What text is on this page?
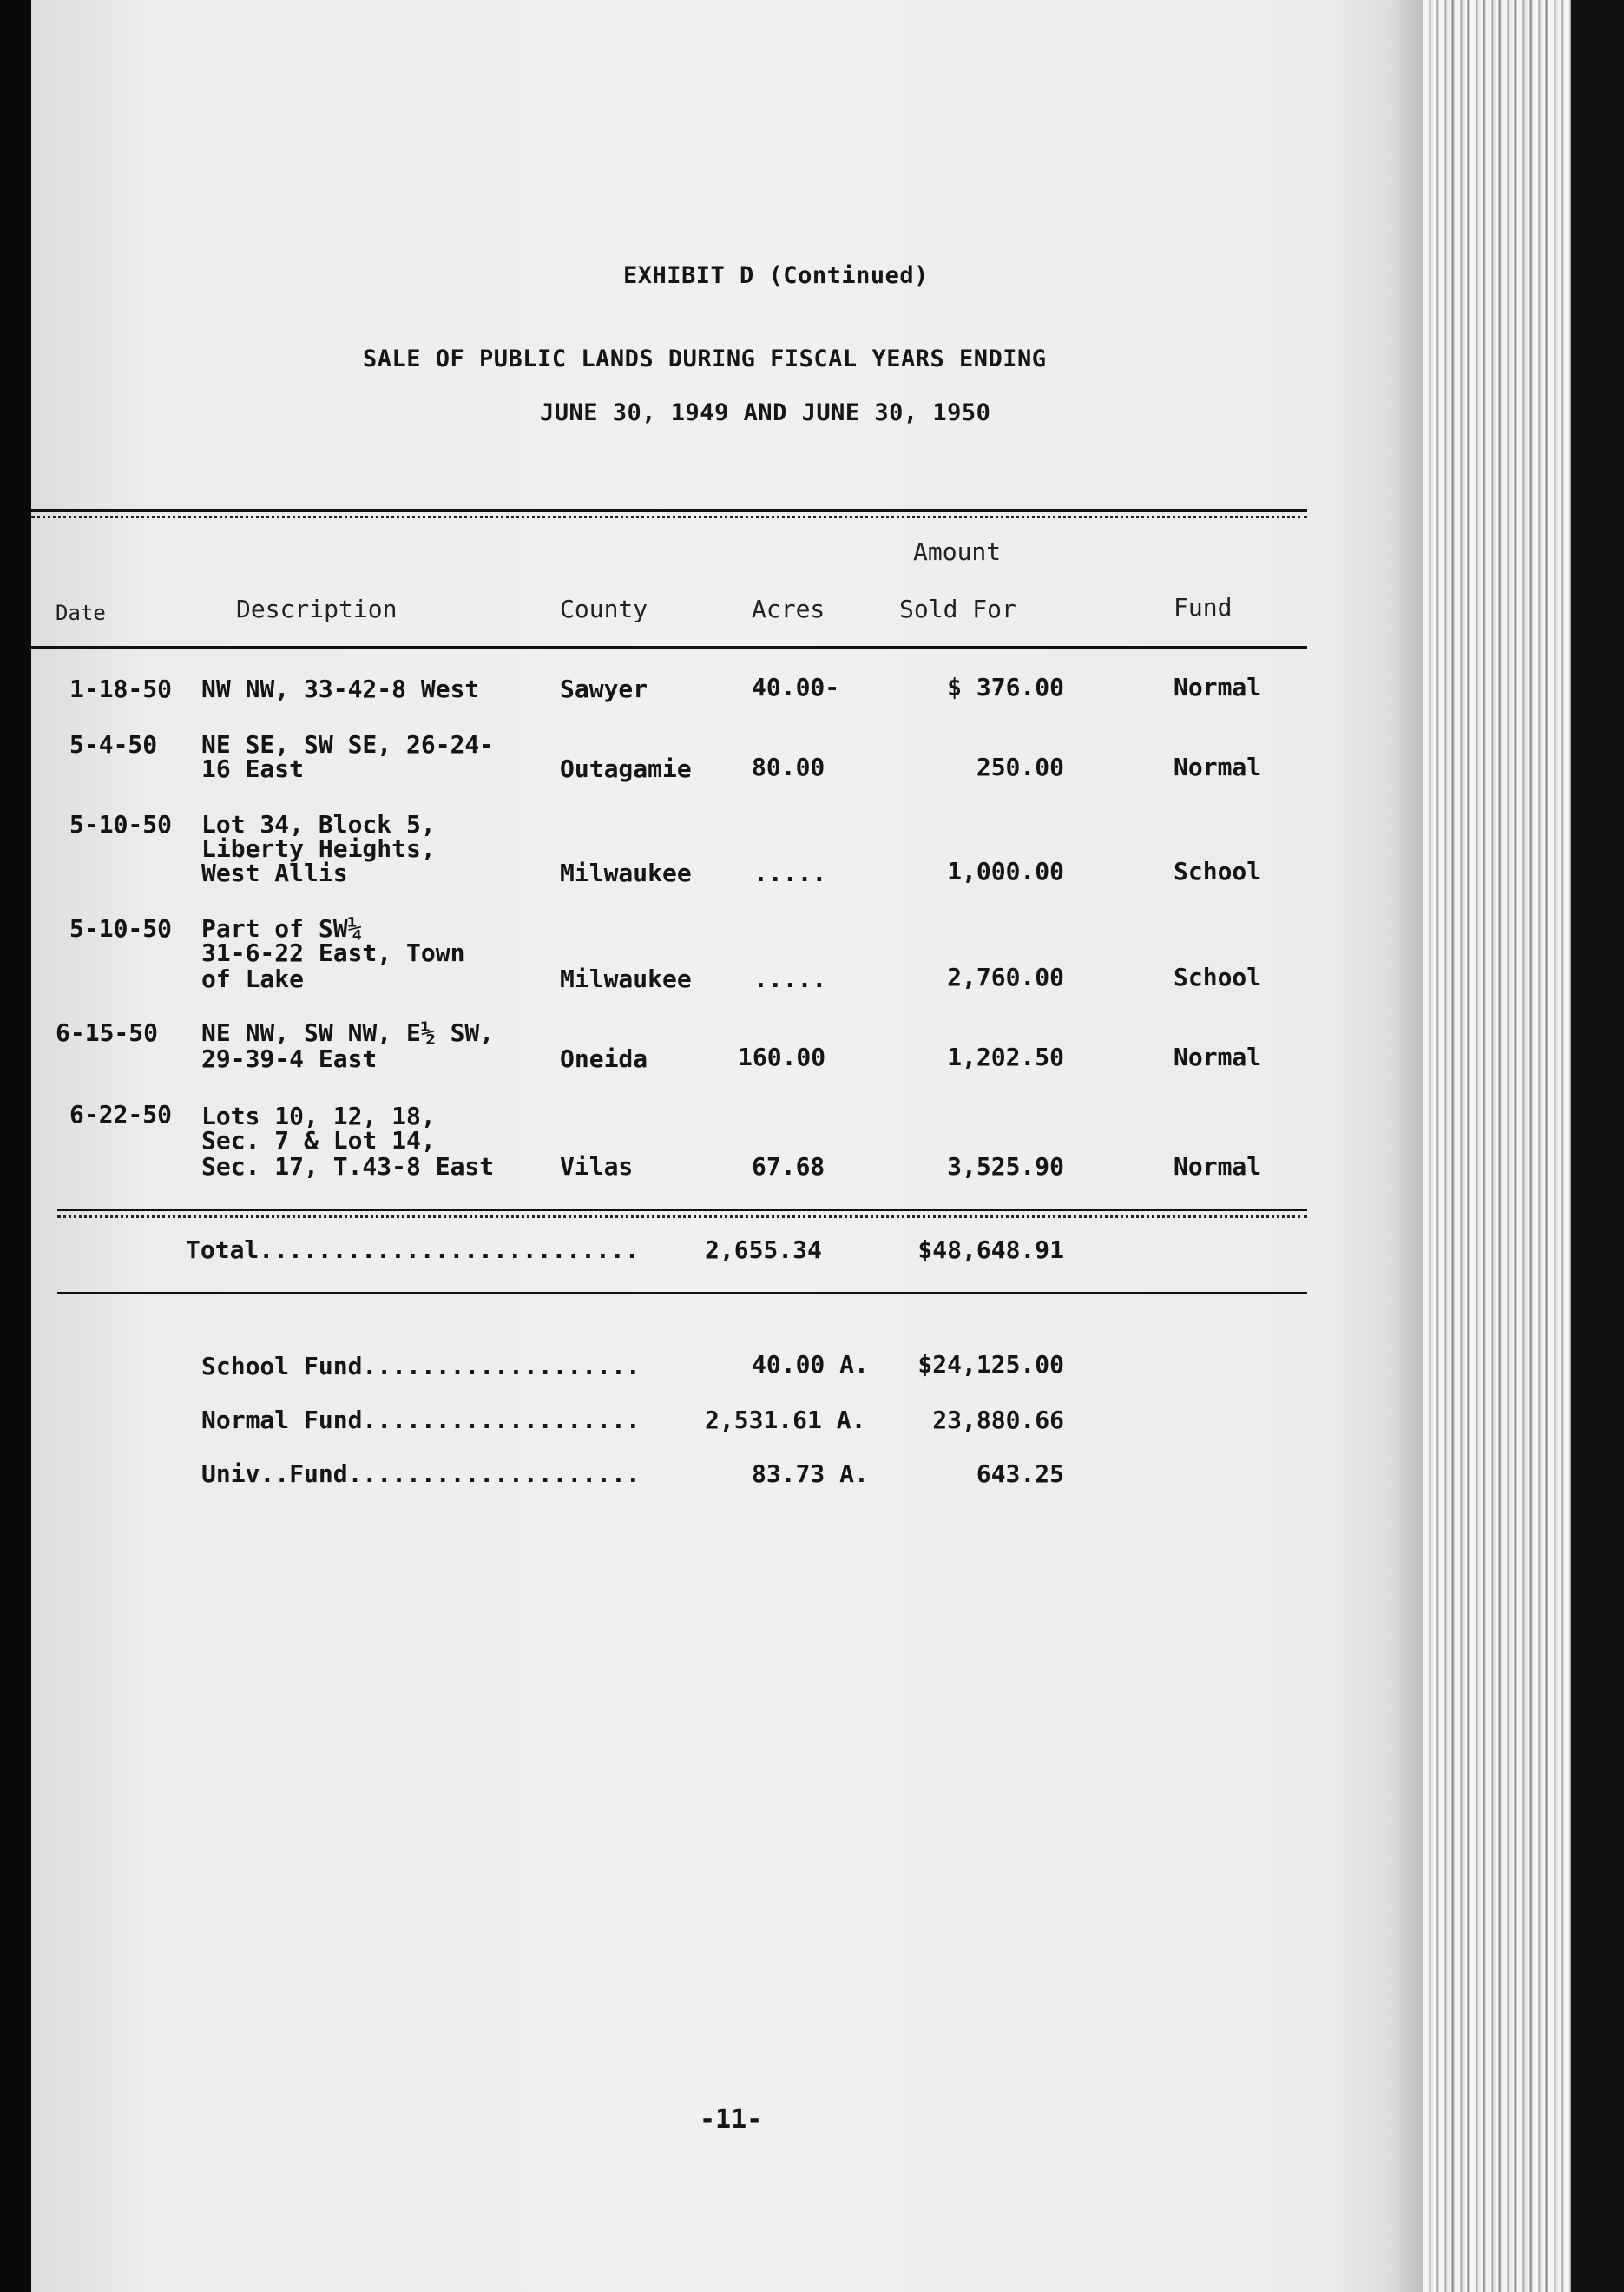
EXHIBIT D (Continued)
SALE OF PUBLIC LANDS DURING FISCAL YEARS ENDING
JUNE 30, 1949 AND JUNE 30, 1950
Amount
Date	Description	County	Acres	Sold For	Fund
1-18-50 NW NW, 33-42-8 West	Sawyer	40.00-	$ 376.00	Normal
5-4-50 NE SE, SW SE, 26-24-
16 East	Outagamie 80.00	250.00	Normal
5-10-50 Lot 34, Block 5,
Liberty Heights,
West Allis	Milwaukee	.....	1,000.00	School
5-10-50 Part of SW¼
31-6-22 East, Town
of Lake	Milwaukee	.....	2,760.00	School
6-15-50 NE NW, SW NW, E½ SW,
29-39-4 East	Oneida	160.00	1,202.50	Normal
6-22-50 Lots 10, 12, 18,
Sec. 7 & Lot 14,
Sec. 17, T.43-8 East	Vilas	67.68	3,525.90	Normal
Total..........................	2,655.34	$48,648.91
School Fund...................	40.00 A.	$24,125.00
Normal Fund...................	2,531.61 A.	23,880.66
Univ..Fund....................	83.73 A.	643.25
-11-
